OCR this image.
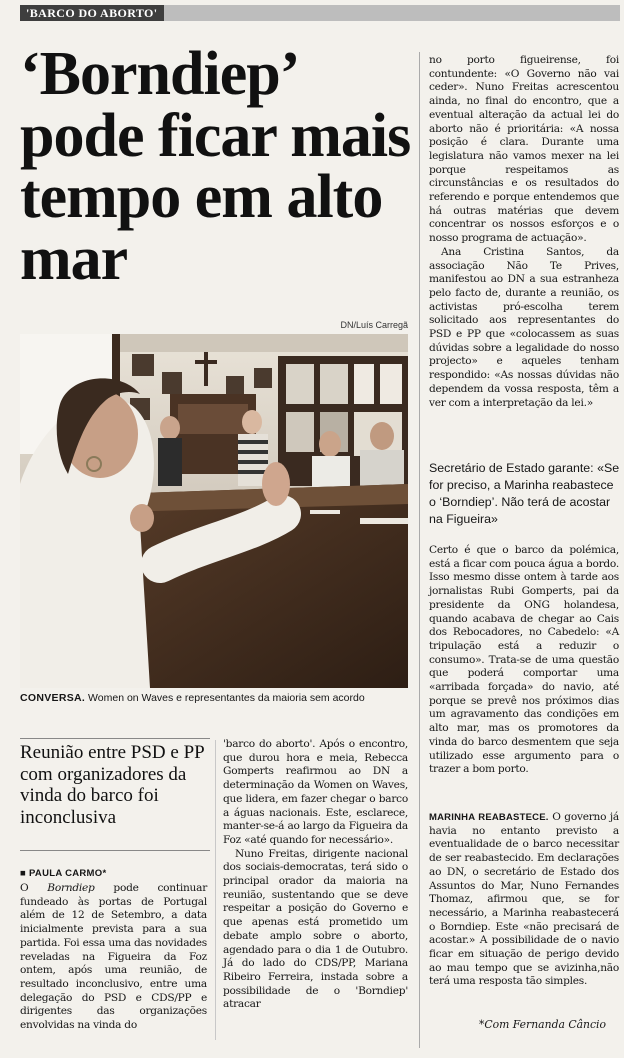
'BARCO DO ABORTO'
‘Borndiep’ pode ficar mais tempo em alto mar
DN/Luís Carregã
CONVERSA. Women on Waves e representantes da maioria sem acordo
Reunião entre PSD e PP com organizadores da vinda do barco foi inconclusiva
■ PAULA CARMO*

O Borndiep pode continuar fundeado às portas de Portugal além de 12 de Setembro, a data inicialmente prevista para a sua partida. Foi essa uma das novidades reveladas na Figueira da Foz ontem, após uma reunião, de resultado inconclusivo, entre uma delegação do PSD e CDS/PP e dirigentes das organizações envolvidas na vinda do

'barco do aborto'. Após o encontro, que durou hora e meia, Rebecca Gomperts reafirmou ao DN a determinação da Women on Waves, que lidera, em fazer chegar o barco a águas nacionais. Este, esclarece, manter-se-á ao largo da Figueira da Foz «até quando for necessário».

Nuno Freitas, dirigente nacional dos sociais-democratas, terá sido o principal orador da maioria na reunião, sustentando que se deve respeitar a posição do Governo e que apenas está prometido um debate amplo sobre o aborto, agendado para o dia 1 de Outubro. Já do lado do CDS/PP, Mariana Ribeiro Ferreira, instada sobre a possibilidade de o 'Borndiep' atracar

no porto figueirense, foi contundente: «O Governo não vai ceder». Nuno Freitas acrescentou ainda, no final do encontro, que a eventual alteração da actual lei do aborto não é prioritária: «A nossa posição é clara. Durante uma legislatura não vamos mexer na lei porque respeitamos as circunstâncias e os resultados do referendo e porque entendemos que há outras matérias que devem concentrar os nossos esforços e o nosso programa de actuação».

Ana Cristina Santos, da associação Não Te Prives, manifestou ao DN a sua estranheza pelo facto de, durante a reunião, os activistas pró-escolha terem solicitado aos representantes do PSD e PP que «colocassem as suas dúvidas sobre a legalidade do nosso projecto» e aqueles tenham respondido: «As nossas dúvidas não dependem da vossa resposta, têm a ver com a interpretação da lei.»

Secretário de Estado garante: «Se for preciso, a Marinha reabastece o ‘Borndiep’. Não terá de acostar na Figueira»

Certo é que o barco da polémica, está a ficar com pouca água a bordo. Isso mesmo disse ontem à tarde aos jornalistas Rubi Gomperts, pai da presidente da ONG holandesa, quando acabava de chegar ao Cais dos Rebocadores, no Cabedelo: «A tripulação está a reduzir o consumo». Trata-se de uma questão que poderá comportar uma «arribada forçada» do navio, até porque se prevê nos próximos dias um agravamento das condições em alto mar, mas os promotores da vinda do barco desmentem que seja utilizado esse argumento para o trazer a bom porto.

MARINHA REABASTECE. O governo já havia no entanto previsto a eventualidade de o barco necessitar de ser reabastecido. Em declarações ao DN, o secretário de Estado dos Assuntos do Mar, Nuno Fernandes Thomaz, afirmou que, se for necessário, a Marinha reabastecerá o Borndiep. Este «não precisará de acostar.» A possibilidade de o navio ficar em situação de perigo devido ao mau tempo que se avizinha,não terá uma resposta tão simples.

*Com Fernanda Câncio
